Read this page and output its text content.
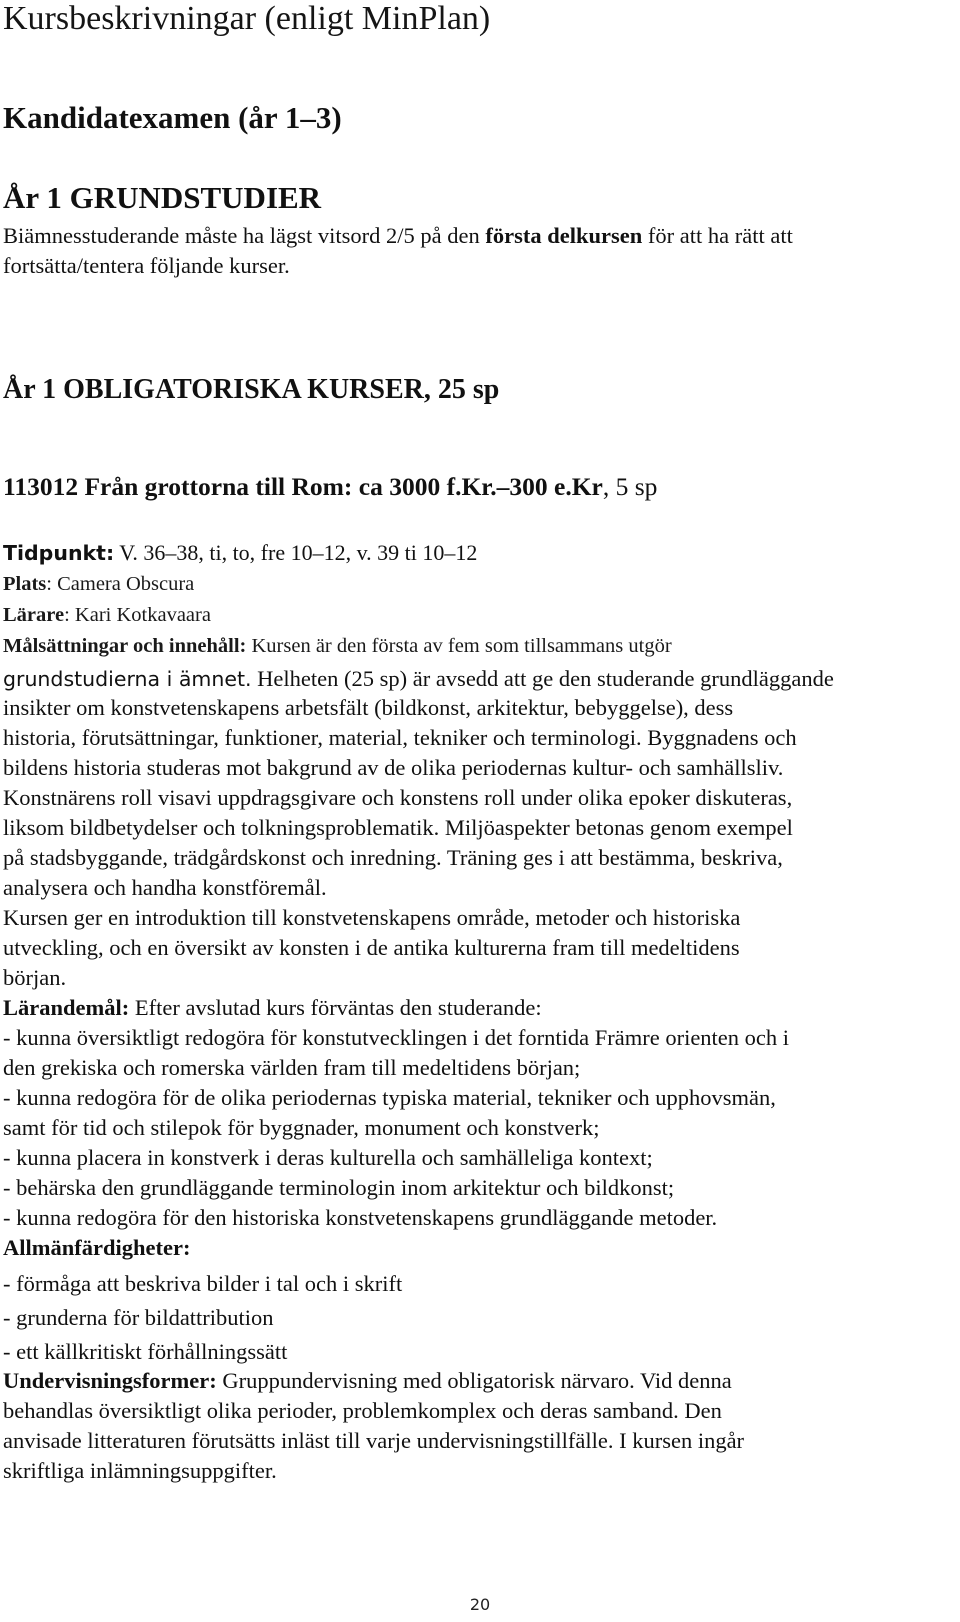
Kursbeskrivningar (enligt MinPlan)
Kandidatexamen (år 1–3)
År 1 GRUNDSTUDIER
Biämnesstuderande måste ha lägst vitsord 2/5 på den första delkursen för att ha rätt att
fortsätta/tentera följande kurser.
År 1 OBLIGATORISKA KURSER, 25 sp
113012 Från grottorna till Rom: ca 3000 f.Kr.–300 e.Kr, 5 sp
Tidpunkt: V. 36–38, ti, to, fre 10–12, v. 39 ti 10–12
Plats: Camera Obscura
Lärare: Kari Kotkavaara
Målsättningar och innehåll: Kursen är den första av fem som tillsammans utgör
grundstudierna i ämnet. Helheten (25 sp) är avsedd att ge den studerande grundläggande
insikter om konstvetenskapens arbetsfält (bildkonst, arkitektur, bebyggelse), dess
historia, förutsättningar, funktioner, material, tekniker och terminologi. Byggnadens och
bildens historia studeras mot bakgrund av de olika periodernas kultur- och samhällsliv.
Konstnärens roll visavi uppdragsgivare och konstens roll under olika epoker diskuteras,
liksom bildbetydelser och tolkningsproblematik. Miljöaspekter betonas genom exempel
på stadsbyggande, trädgårdskonst och inredning. Träning ges i att bestämma, beskriva,
analysera och handha konstföremål.
Kursen ger en introduktion till konstvetenskapens område, metoder och historiska
utveckling, och en översikt av konsten i de antika kulturerna fram till medeltidens
början.
Lärandemål: Efter avslutad kurs förväntas den studerande:
- kunna översiktligt redogöra för konstutvecklingen i det forntida Främre orienten och i
den grekiska och romerska världen fram till medeltidens början;
- kunna redogöra för de olika periodernas typiska material, tekniker och upphovsmän,
samt för tid och stilepok för byggnader, monument och konstverk;
- kunna placera in konstverk i deras kulturella och samhälleliga kontext;
- behärska den grundläggande terminologin inom arkitektur och bildkonst;
- kunna redogöra för den historiska konstvetenskapens grundläggande metoder.
Allmänfärdigheter:
- förmåga att beskriva bilder i tal och i skrift
- grunderna för bildattribution
- ett källkritiskt förhållningssätt
Undervisningsformer: Gruppundervisning med obligatorisk närvaro. Vid denna
behandlas översiktligt olika perioder, problemkomplex och deras samband. Den
anvisade litteraturen förutsätts inläst till varje undervisningstillfälle. I kursen ingår
skriftliga inlämningsuppgifter.
20
